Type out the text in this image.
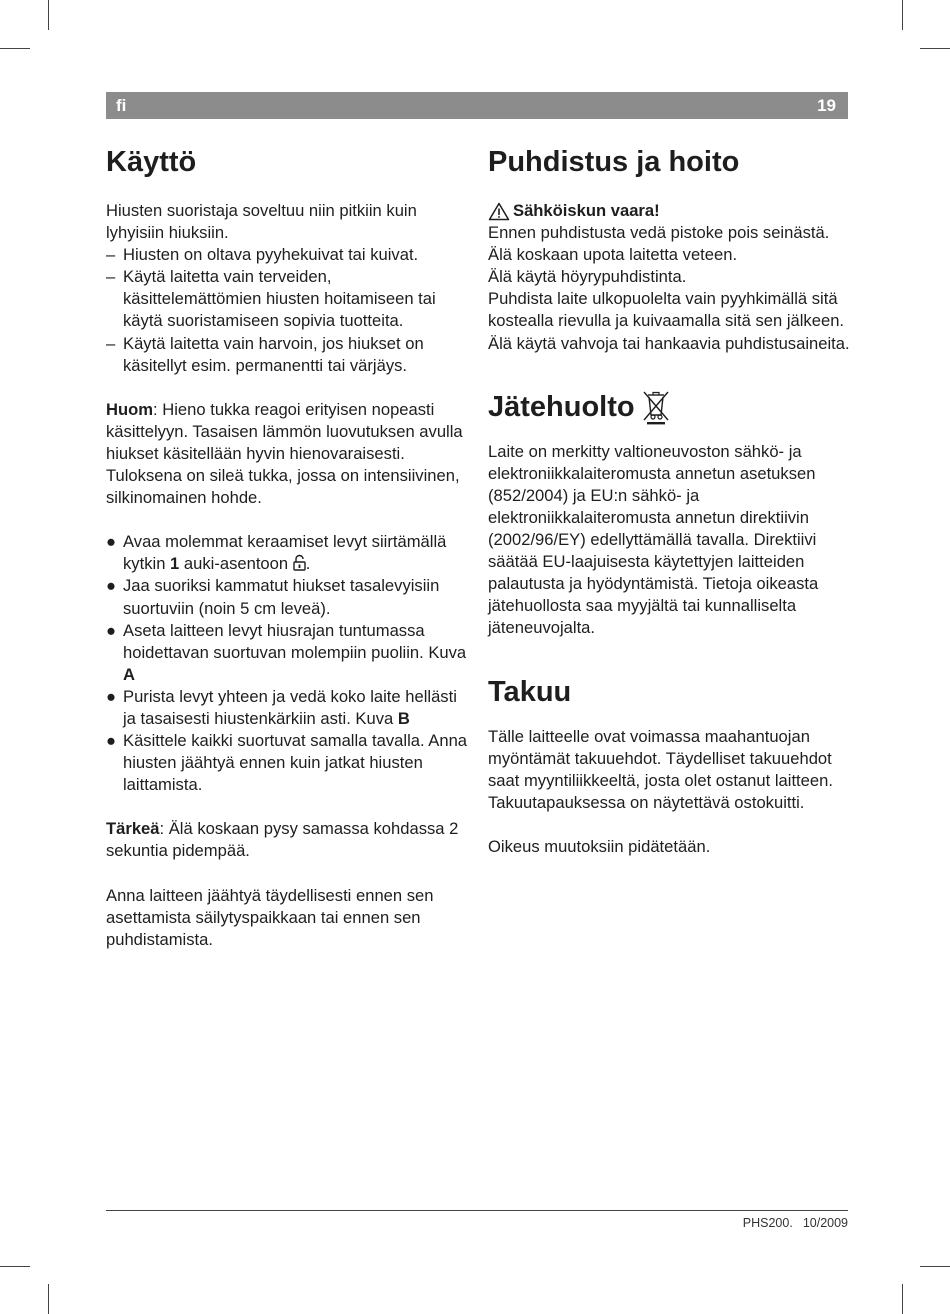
fi	19
Käyttö

Hiusten suoristaja soveltuu niin pitkiin kuin lyhyisiin hiuksiin.

– Hiusten on oltava pyyhekuivat tai kuivat.
– Käytä laitetta vain terveiden, käsittelemättömien hiusten hoitamiseen tai käytä suoristamiseen sopivia tuotteita.
– Käytä laitetta vain harvoin, jos hiukset on käsitellyt esim. permanentti tai värjäys.

Huom: Hieno tukka reagoi erityisen nopeasti käsittelyyn. Tasaisen lämmön luovutuksen avulla hiukset käsitellään hyvin hienovaraisesti. Tuloksena on sileä tukka, jossa on intensiivinen, silkinomainen hohde.

● Avaa molemmat keraamiset levyt siirtämällä kytkin 1 auki-asentoon .
● Jaa suoriksi kammatut hiukset tasalevyisiin suortuviin (noin 5 cm leveä).
● Aseta laitteen levyt hiusrajan tuntumassa hoidettavan suortuvan molempiin puoliin. Kuva A
● Purista levyt yhteen ja vedä koko laite hellästi ja tasaisesti hiustenkärkiin asti. Kuva B
● Käsittele kaikki suortuvat samalla tavalla. Anna hiusten jäähtyä ennen kuin jatkat hiusten laittamista.

Tärkeä: Älä koskaan pysy samassa kohdassa 2 sekuntia pidempää.

Anna laitteen jäähtyä täydellisesti ennen sen asettamista säilytyspaikkaan tai ennen sen puhdistamista.

Puhdistus ja hoito
Sähköiskun vaara!

Ennen puhdistusta vedä pistoke pois seinästä.

Älä koskaan upota laitetta veteen.

Älä käytä höyrypuhdistinta.

Puhdista laite ulkopuolelta vain pyyhkimällä sitä kostealla rievulla ja kuivaamalla sitä sen jälkeen. Älä käytä vahvoja tai hankaavia puhdistusaineita.

Jätehuolto

Laite on merkitty valtioneuvoston sähkö- ja elektroniikkalaiteromusta annetun asetuksen (852/2004) ja EU:n sähkö- ja elektroniikkalaiteromusta annetun direktiivin (2002/96/EY) edellyttämällä tavalla. Direktiivi säätää EU-laajuisesta käytettyjen laitteiden palautusta ja hyödyntämistä. Tietoja oikeasta jätehuollosta saa myyjältä tai kunnalliselta jäteneuvojalta.

Takuu

Tälle laitteelle ovat voimassa maahantuojan myöntämät takuuehdot. Täydelliset takuuehdot saat myyntiliikkeeltä, josta olet ostanut laitteen. Takuutapauksessa on näytettävä ostokuitti.

Oikeus muutoksiin pidätetään.

PHS200. 10/2009
